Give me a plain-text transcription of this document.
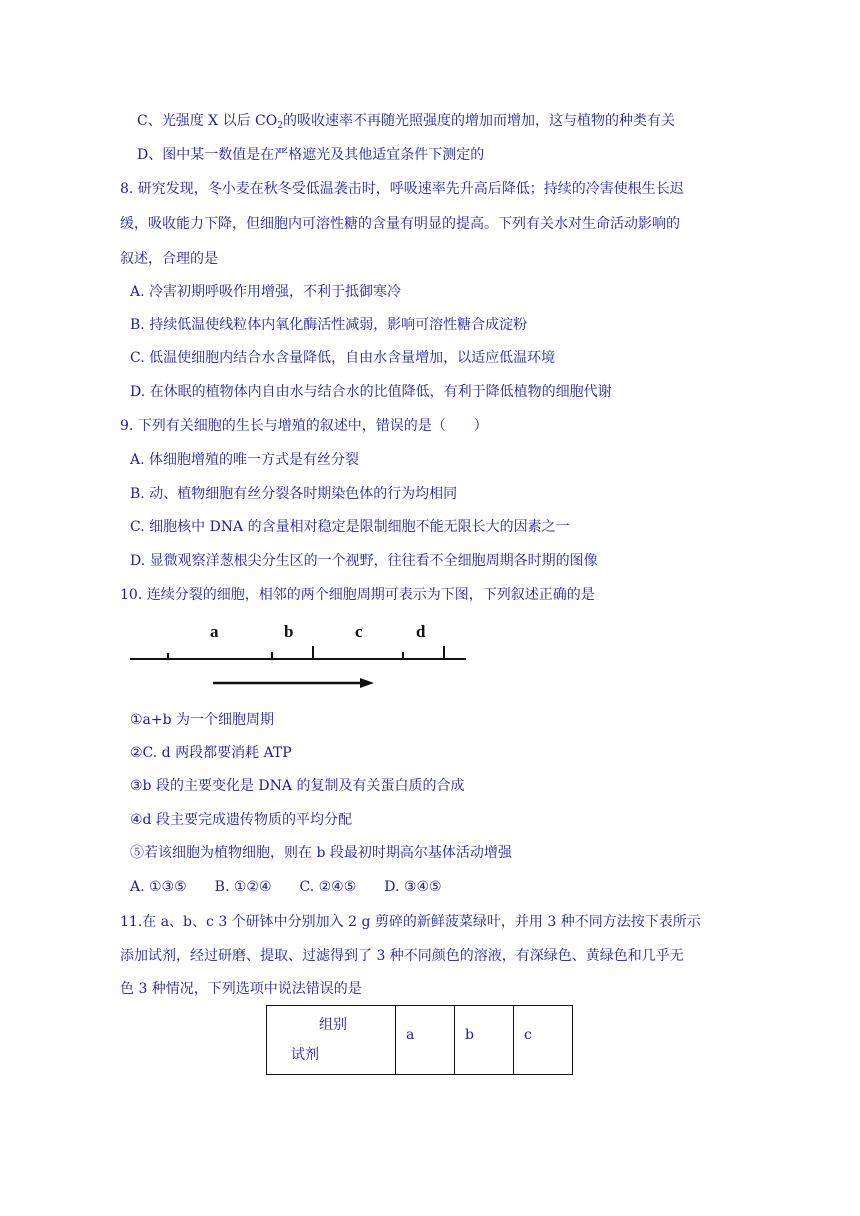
C、光强度 X 以后 $CO_2$的吸收速率不再随光照强度的增加而增加，这与植物的种类有关
D、图中某一数值是在严格遮光及其他适宜条件下测定的
8. 研究发现，冬小麦在秋冬受低温袭击时，呼吸速率先升高后降低；持续的冷害使根生长迟
缓，吸收能力下降，但细胞内可溶性糖的含量有明显的提高。下列有关水对生命活动影响的
叙述，合理的是
A. 冷害初期呼吸作用增强，不利于抵御寒冷
B. 持续低温使线粒体内氧化酶活性减弱，影响可溶性糖合成淀粉
C. 低温使细胞内结合水含量降低，自由水含量增加，以适应低温环境
D. 在休眠的植物体内自由水与结合水的比值降低，有利于降低植物的细胞代谢
9. 下列有关细胞的生长与增殖的叙述中，错误的是（　　）
A. 体细胞增殖的唯一方式是有丝分裂
B. 动、植物细胞有丝分裂各时期染色体的行为均相同
C. 细胞核中 DNA 的含量相对稳定是限制细胞不能无限长大的因素之一
D. 显微观察洋葱根尖分生区的一个视野，往往看不全细胞周期各时期的图像
10. 连续分裂的细胞，相邻的两个细胞周期可表示为下图，下列叙述正确的是
a	b	c	d
①a+b 为一个细胞周期
②C. d 两段都要消耗 ATP
③b 段的主要变化是 DNA 的复制及有关蛋白质的合成
④d 段主要完成遗传物质的平均分配
⑤若该细胞为植物细胞，则在 b 段最初时期高尔基体活动增强
A. ①③⑤　　B. ①②④　　C. ②④⑤　　D. ③④⑤
11.在 a、b、c 3 个研钵中分别加入 2 g 剪碎的新鲜菠菜绿叶，并用 3 种不同方法按下表所示
添加试剂，经过研磨、提取、过滤得到了 3 种不同颜色的溶液，有深绿色、黄绿色和几乎无
色 3 种情况，下列选项中说法错误的是
组别
试剂
	a	b	c
